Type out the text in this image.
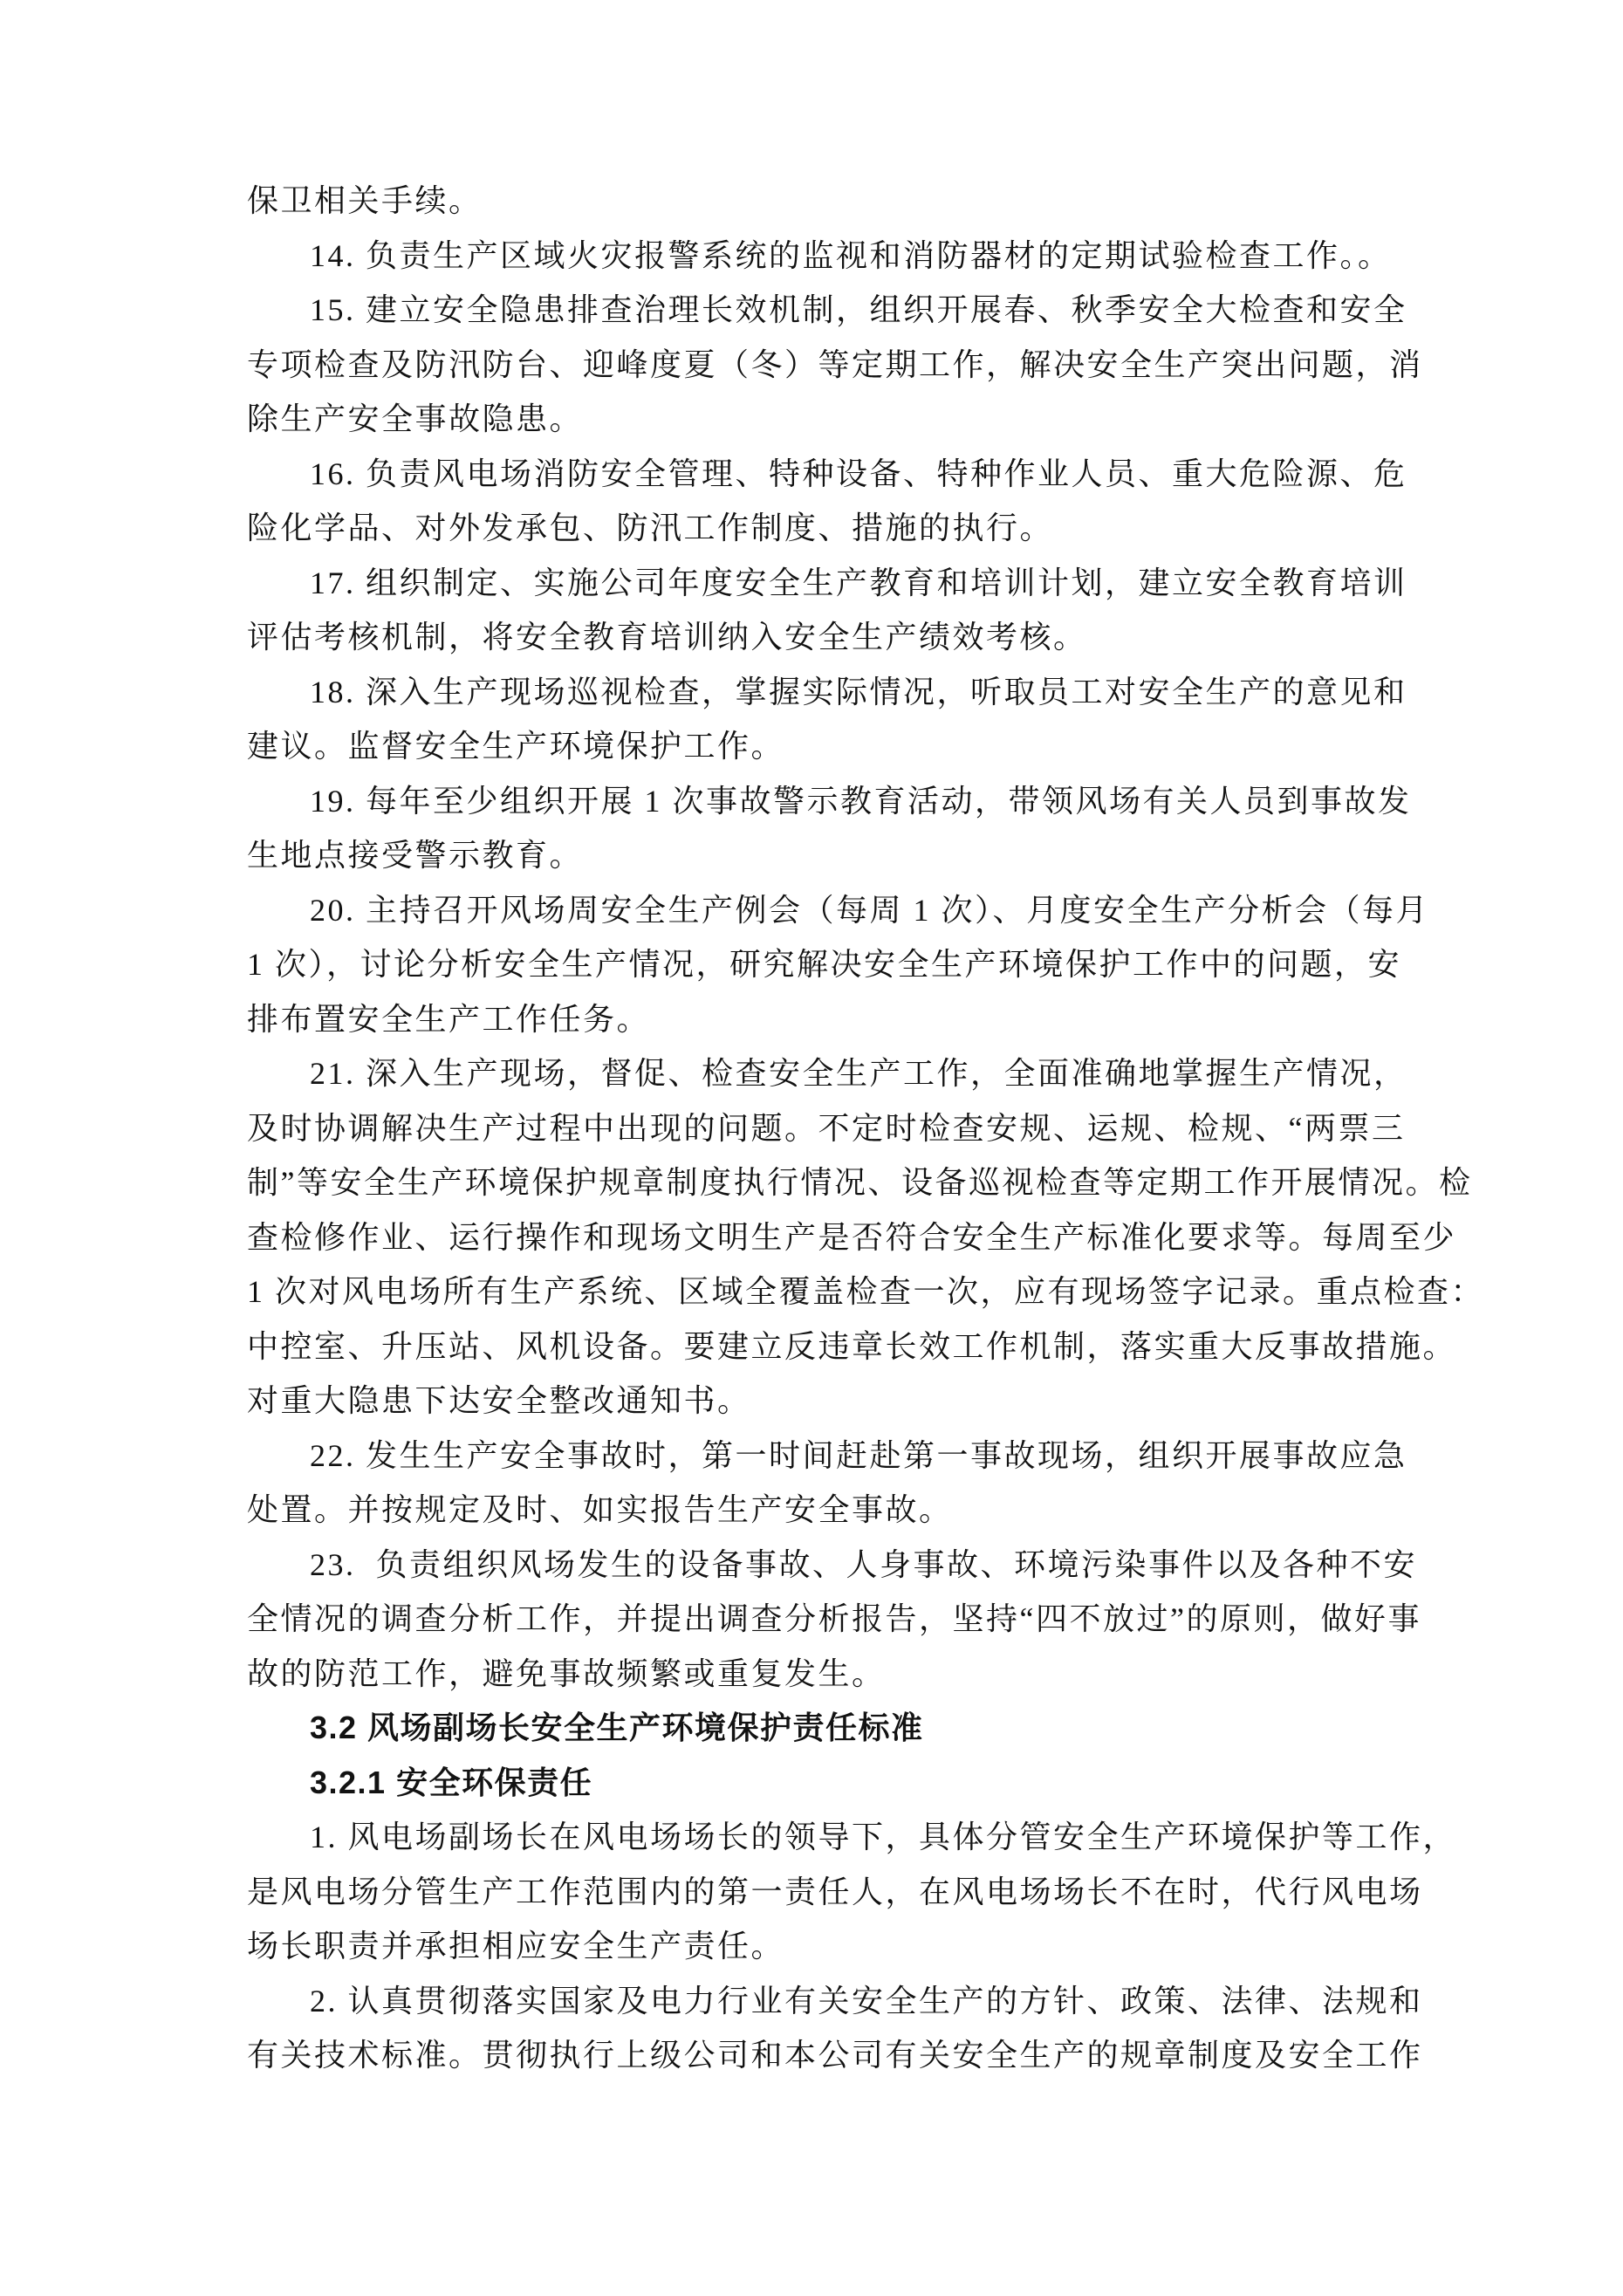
保卫相关手续。
14. 负责生产区域火灾报警系统的监视和消防器材的定期试验检查工作。。
15. 建立安全隐患排查治理长效机制，组织开展春、秋季安全大检查和安全
专项检查及防汛防台、迎峰度夏（冬）等定期工作，解决安全生产突出问题，消
除生产安全事故隐患。
16. 负责风电场消防安全管理、特种设备、特种作业人员、重大危险源、危
险化学品、对外发承包、防汛工作制度、措施的执行。
17. 组织制定、实施公司年度安全生产教育和培训计划，建立安全教育培训
评估考核机制，将安全教育培训纳入安全生产绩效考核。
18. 深入生产现场巡视检查，掌握实际情况，听取员工对安全生产的意见和
建议。监督安全生产环境保护工作。
19. 每年至少组织开展 1 次事故警示教育活动，带领风场有关人员到事故发
生地点接受警示教育。
20. 主持召开风场周安全生产例会（每周 1 次）、月度安全生产分析会（每月
1 次），讨论分析安全生产情况，研究解决安全生产环境保护工作中的问题，安
排布置安全生产工作任务。
21. 深入生产现场，督促、检查安全生产工作，全面准确地掌握生产情况，
及时协调解决生产过程中出现的问题。不定时检查安规、运规、检规、“两票三
制”等安全生产环境保护规章制度执行情况、设备巡视检查等定期工作开展情况。检
查检修作业、运行操作和现场文明生产是否符合安全生产标准化要求等。每周至少
1 次对风电场所有生产系统、区域全覆盖检查一次，应有现场签字记录。重点检查：
中控室、升压站、风机设备。要建立反违章长效工作机制，落实重大反事故措施。
对重大隐患下达安全整改通知书。
22. 发生生产安全事故时，第一时间赶赴第一事故现场，组织开展事故应急
处置。并按规定及时、如实报告生产安全事故。
23.  负责组织风场发生的设备事故、人身事故、环境污染事件以及各种不安
全情况的调查分析工作，并提出调查分析报告，坚持“四不放过”的原则，做好事
故的防范工作，避免事故频繁或重复发生。
3.2 风场副场长安全生产环境保护责任标准
3.2.1 安全环保责任
1. 风电场副场长在风电场场长的领导下，具体分管安全生产环境保护等工作，
是风电场分管生产工作范围内的第一责任人，在风电场场长不在时，代行风电场
场长职责并承担相应安全生产责任。
2. 认真贯彻落实国家及电力行业有关安全生产的方针、政策、法律、法规和
有关技术标准。贯彻执行上级公司和本公司有关安全生产的规章制度及安全工作
